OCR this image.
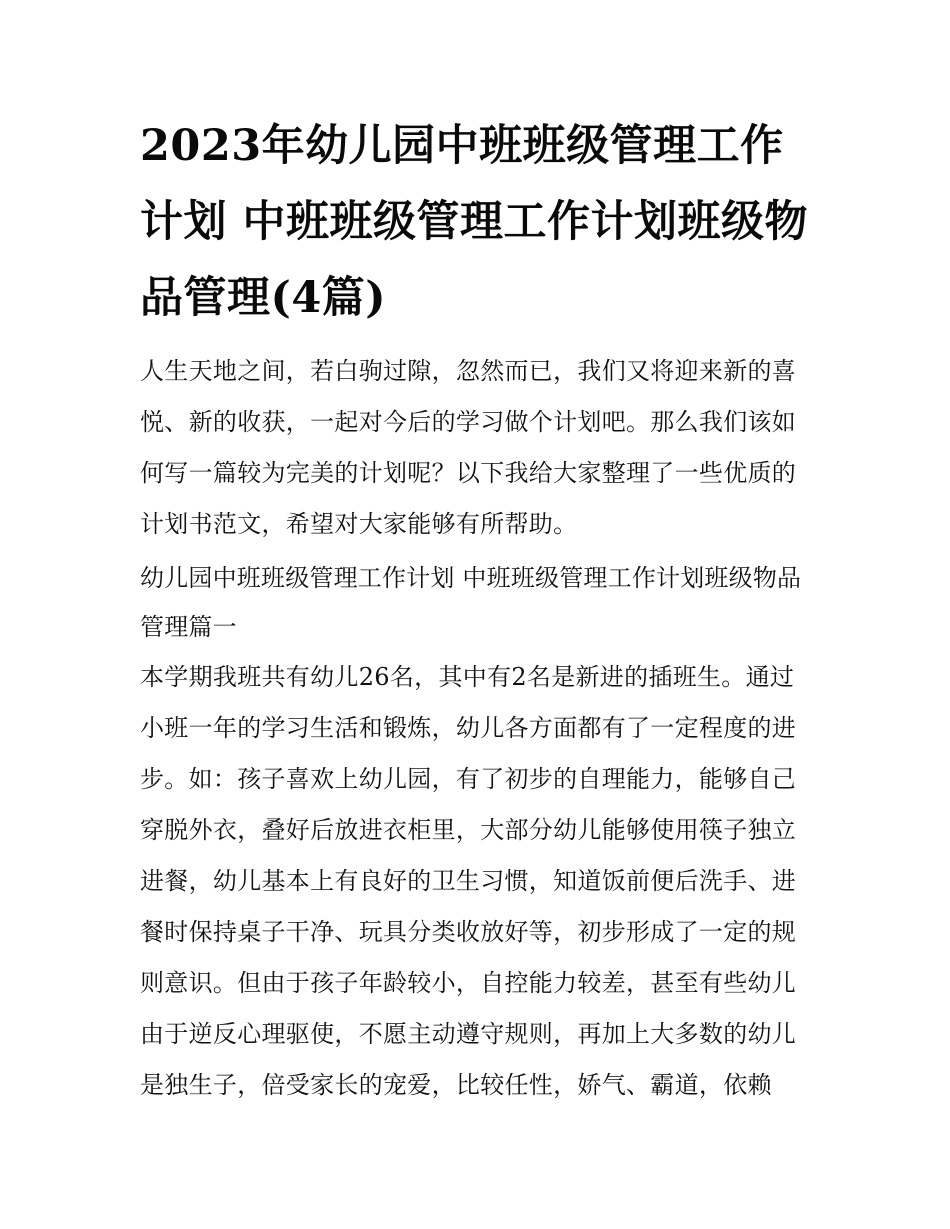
2023年幼儿园中班班级管理工作计划 中班班级管理工作计划班级物品管理(4篇)

人生天地之间，若白驹过隙，忽然而已，我们又将迎来新的喜悦、新的收获，一起对今后的学习做个计划吧。那么我们该如何写一篇较为完美的计划呢？以下我给大家整理了一些优质的计划书范文，希望对大家能够有所帮助。

幼儿园中班班级管理工作计划 中班班级管理工作计划班级物品管理篇一

本学期我班共有幼儿26名，其中有2名是新进的插班生。通过小班一年的学习生活和锻炼，幼儿各方面都有了一定程度的进步。如：孩子喜欢上幼儿园，有了初步的自理能力，能够自己穿脱外衣，叠好后放进衣柜里，大部分幼儿能够使用筷子独立进餐，幼儿基本上有良好的卫生习惯，知道饭前便后洗手、进餐时保持桌子干净、玩具分类收放好等，初步形成了一定的规则意识。但由于孩子年龄较小，自控能力较差，甚至有些幼儿由于逆反心理驱使，不愿主动遵守规则，再加上大多数的幼儿是独生子，倍受家长的宠爱，比较任性，娇气、霸道，依赖
